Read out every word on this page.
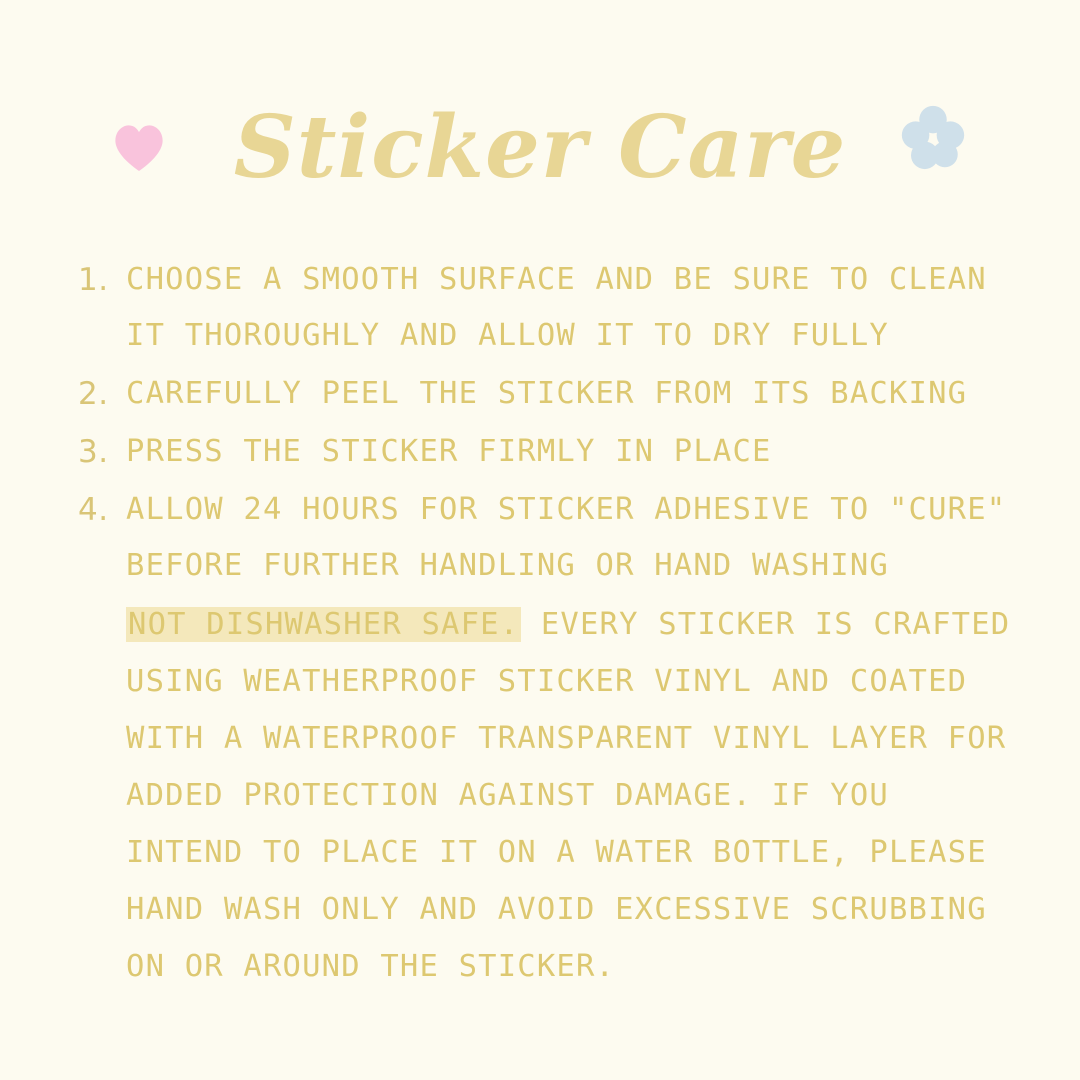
Sticker Care
1. CHOOSE A SMOOTH SURFACE AND BE SURE TO CLEAN IT THOROUGHLY AND ALLOW IT TO DRY FULLY
2. CAREFULLY PEEL THE STICKER FROM ITS BACKING
3. PRESS THE STICKER FIRMLY IN PLACE
4. ALLOW 24 HOURS FOR STICKER ADHESIVE TO "CURE" BEFORE FURTHER HANDLING OR HAND WASHING

NOT DISHWASHER SAFE. EVERY STICKER IS CRAFTED USING WEATHERPROOF STICKER VINYL AND COATED WITH A WATERPROOF TRANSPARENT VINYL LAYER FOR ADDED PROTECTION AGAINST DAMAGE. IF YOU INTEND TO PLACE IT ON A WATER BOTTLE, PLEASE HAND WASH ONLY AND AVOID EXCESSIVE SCRUBBING ON OR AROUND THE STICKER.
